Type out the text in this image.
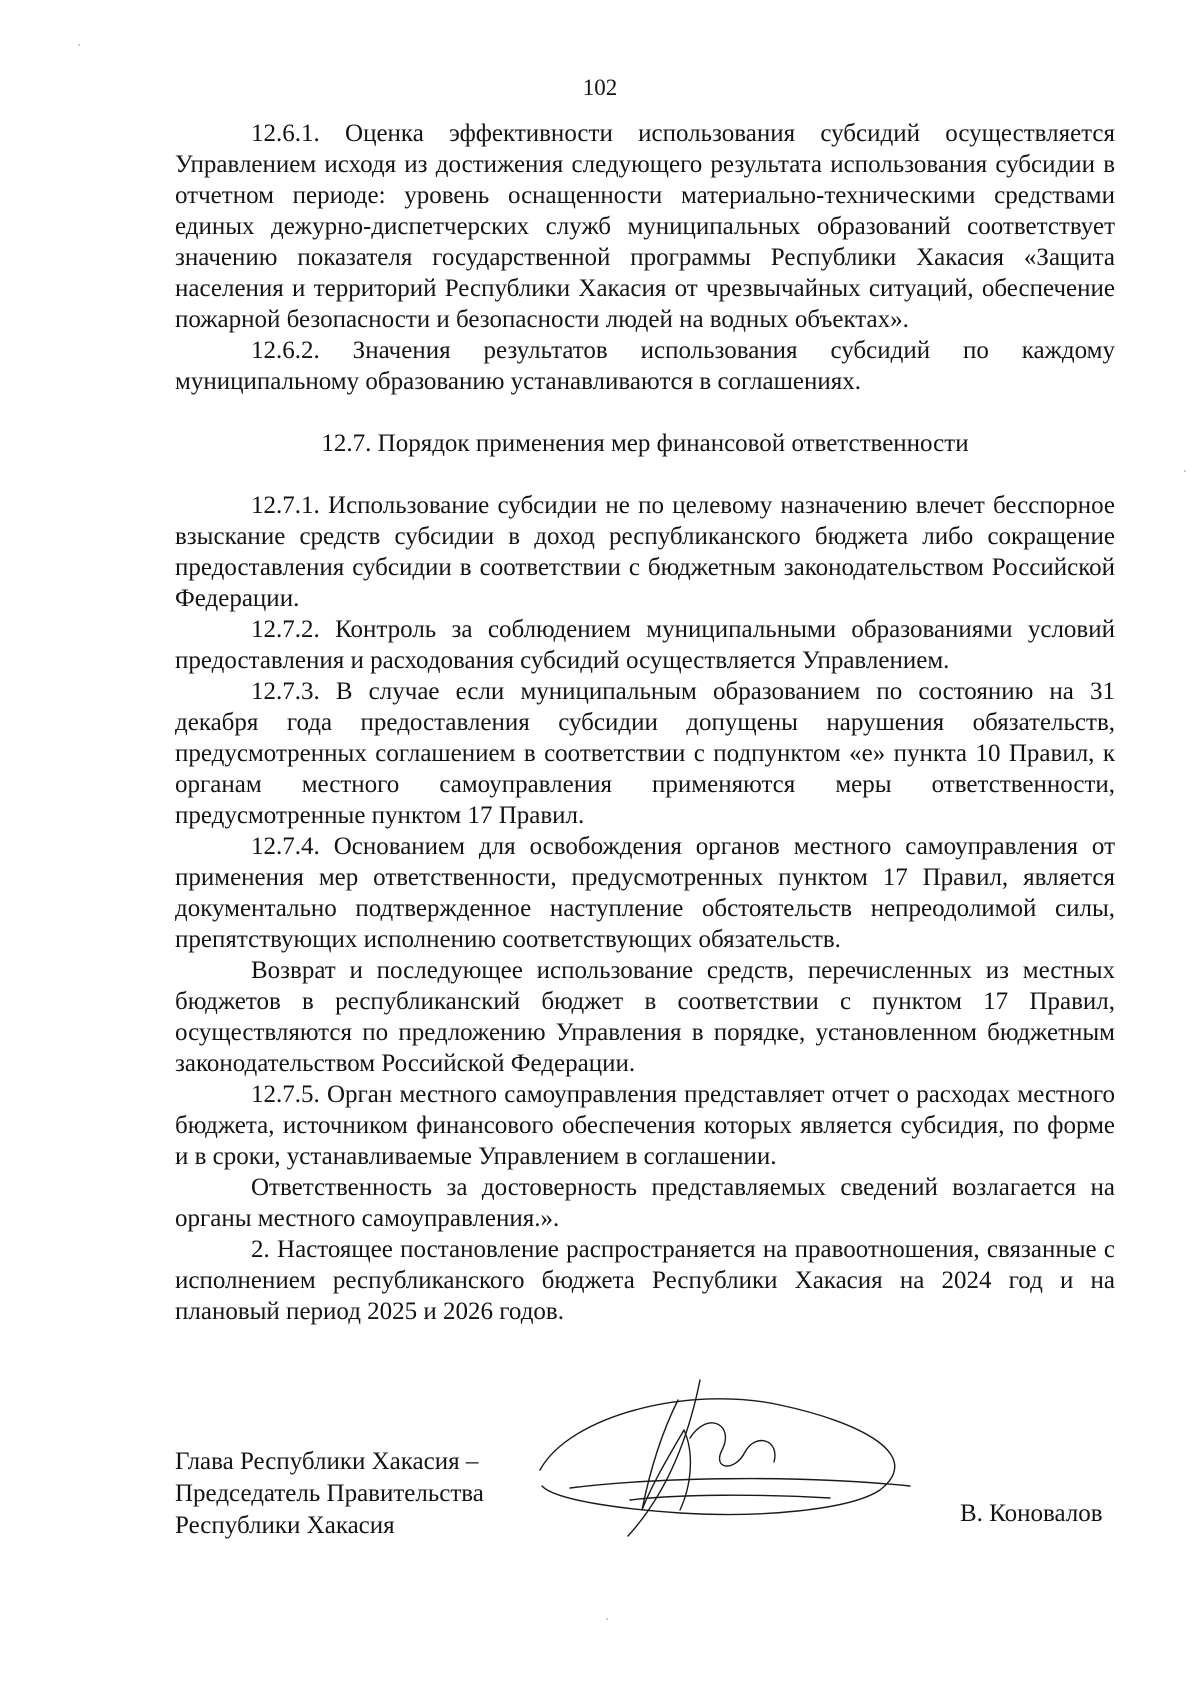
102

12.6.1. Оценка эффективности использования субсидий осуществляется Управлением исходя из достижения следующего результата использования субсидии в отчетном периоде: уровень оснащенности материально-техническими средствами единых дежурно-диспетчерских служб муниципальных образований соответствует значению показателя государственной программы Республики Хакасия «Защита населения и территорий Республики Хакасия от чрезвычайных ситуаций, обеспечение пожарной безопасности и безопасности людей на водных объектах».

12.6.2. Значения результатов использования субсидий по каждому муниципальному образованию устанавливаются в соглашениях.

12.7. Порядок применения мер финансовой ответственности

12.7.1. Использование субсидии не по целевому назначению влечет бесспорное взыскание средств субсидии в доход республиканского бюджета либо сокращение предоставления субсидии в соответствии с бюджетным законодательством Российской Федерации.

12.7.2. Контроль за соблюдением муниципальными образованиями условий предоставления и расходования субсидий осуществляется Управлением.

12.7.3. В случае если муниципальным образованием по состоянию на 31 декабря года предоставления субсидии допущены нарушения обязательств, предусмотренных соглашением в соответствии с подпунктом «е» пункта 10 Правил, к органам местного самоуправления применяются меры ответственности, предусмотренные пунктом 17 Правил.

12.7.4. Основанием для освобождения органов местного самоуправления от применения мер ответственности, предусмотренных пунктом 17 Правил, является документально подтвержденное наступление обстоятельств непреодолимой силы, препятствующих исполнению соответствующих обязательств.

Возврат и последующее использование средств, перечисленных из местных бюджетов в республиканский бюджет в соответствии с пунктом 17 Правил, осуществляются по предложению Управления в порядке, установленном бюджетным законодательством Российской Федерации.

12.7.5. Орган местного самоуправления представляет отчет о расходах местного бюджета, источником финансового обеспечения которых является субсидия, по форме и в сроки, устанавливаемые Управлением в соглашении.

Ответственность за достоверность представляемых сведений возлагается на органы местного самоуправления.».

2. Настоящее постановление распространяется на правоотношения, связанные с исполнением республиканского бюджета Республики Хакасия на 2024 год и на плановый период 2025 и 2026 годов.

Глава Республики Хакасия –
Председатель Правительства
Республики Хакасия	В. Коновалов
